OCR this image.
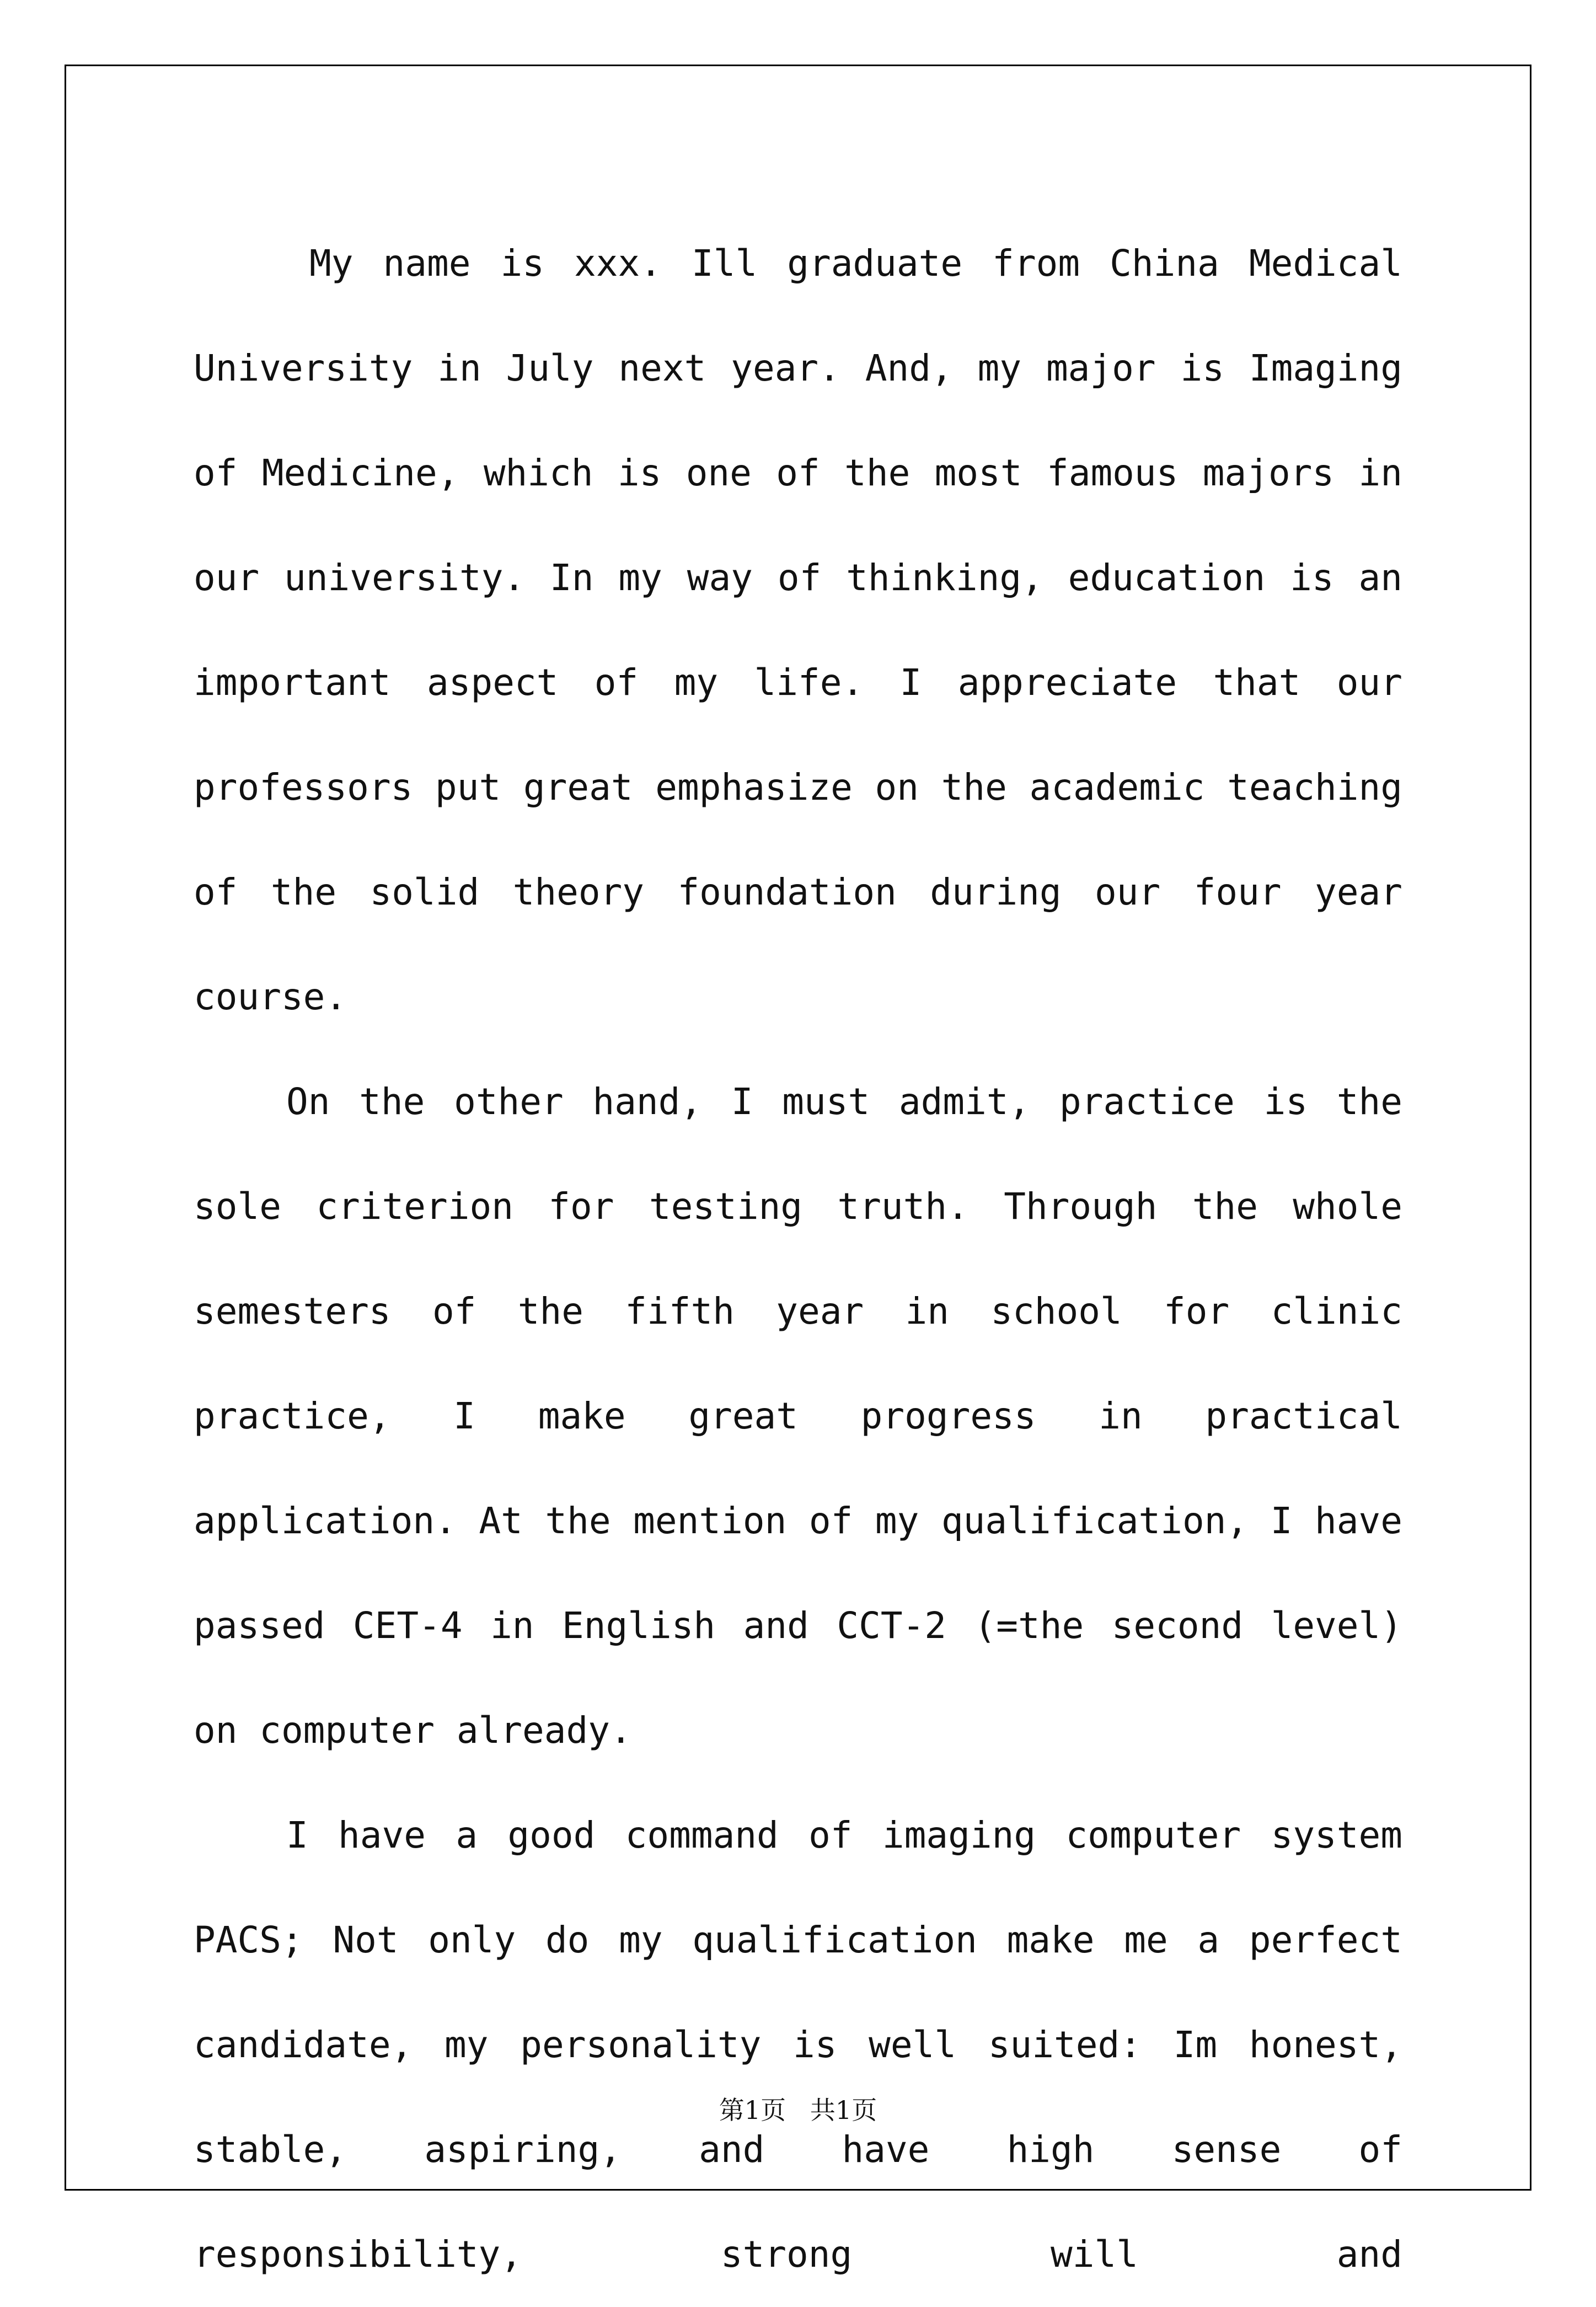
My name is xxx. Ill graduate from China Medical University in July next year. And, my major is Imaging of Medicine, which is one of the most famous majors in our university. In my way of thinking, education is an important aspect of my life. I appreciate that our professors put great emphasize on the academic teaching of the solid theory foundation during our four year course.

On the other hand, I must admit, practice is the sole criterion for testing truth. Through the whole semesters of the fifth year in school for clinic practice, I make great progress in practical application. At the mention of my qualification, I have passed CET-4 in English and CCT-2 (=the second level) on computer already.

I have a good command of imaging computer system PACS; Not only do my qualification make me a perfect candidate, my personality is well suited: Im honest, stable, aspiring, and have high sense of responsibility, strong will and

第1页   共1页
